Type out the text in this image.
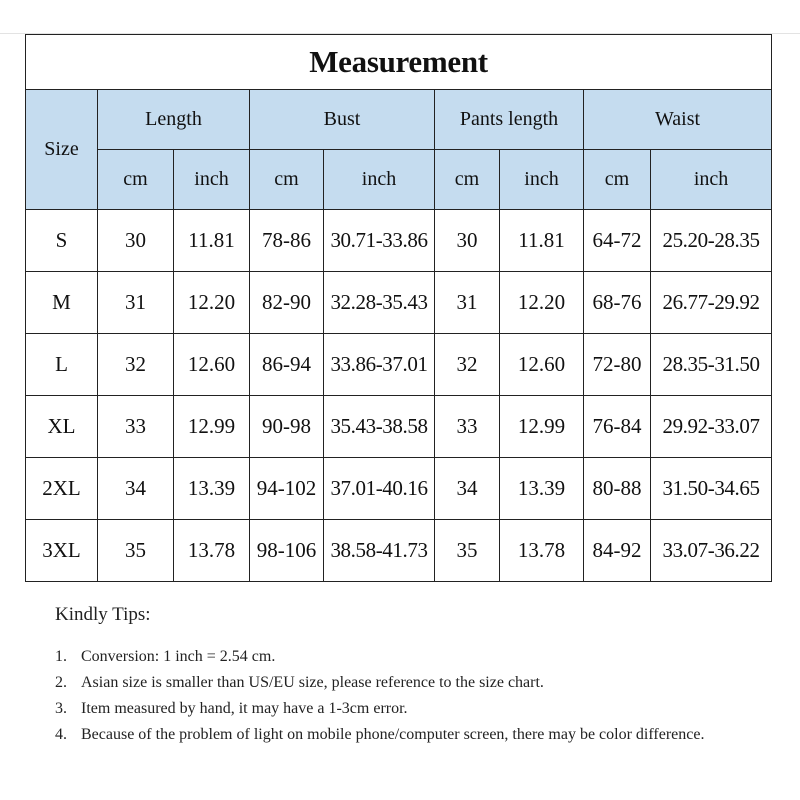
Measurement								
Size	Length		Bust		Pants length		Waist	
	cm	inch	cm	inch	cm	inch	cm	inch
S	30	11.81	78-86	30.71-33.86	30	11.81	64-72	25.20-28.35
M	31	12.20	82-90	32.28-35.43	31	12.20	68-76	26.77-29.92
L	32	12.60	86-94	33.86-37.01	32	12.60	72-80	28.35-31.50
XL	33	12.99	90-98	35.43-38.58	33	12.99	76-84	29.92-33.07
2XL	34	13.39	94-102	37.01-40.16	34	13.39	80-88	31.50-34.65
3XL	35	13.78	98-106	38.58-41.73	35	13.78	84-92	33.07-36.22
Kindly Tips:
1. Conversion: 1 inch = 2.54 cm.
2. Asian size is smaller than US/EU size, please reference to the size chart.
3. Item measured by hand, it may have a 1-3cm error.
4. Because of the problem of light on mobile phone/computer screen, there may be color difference.
